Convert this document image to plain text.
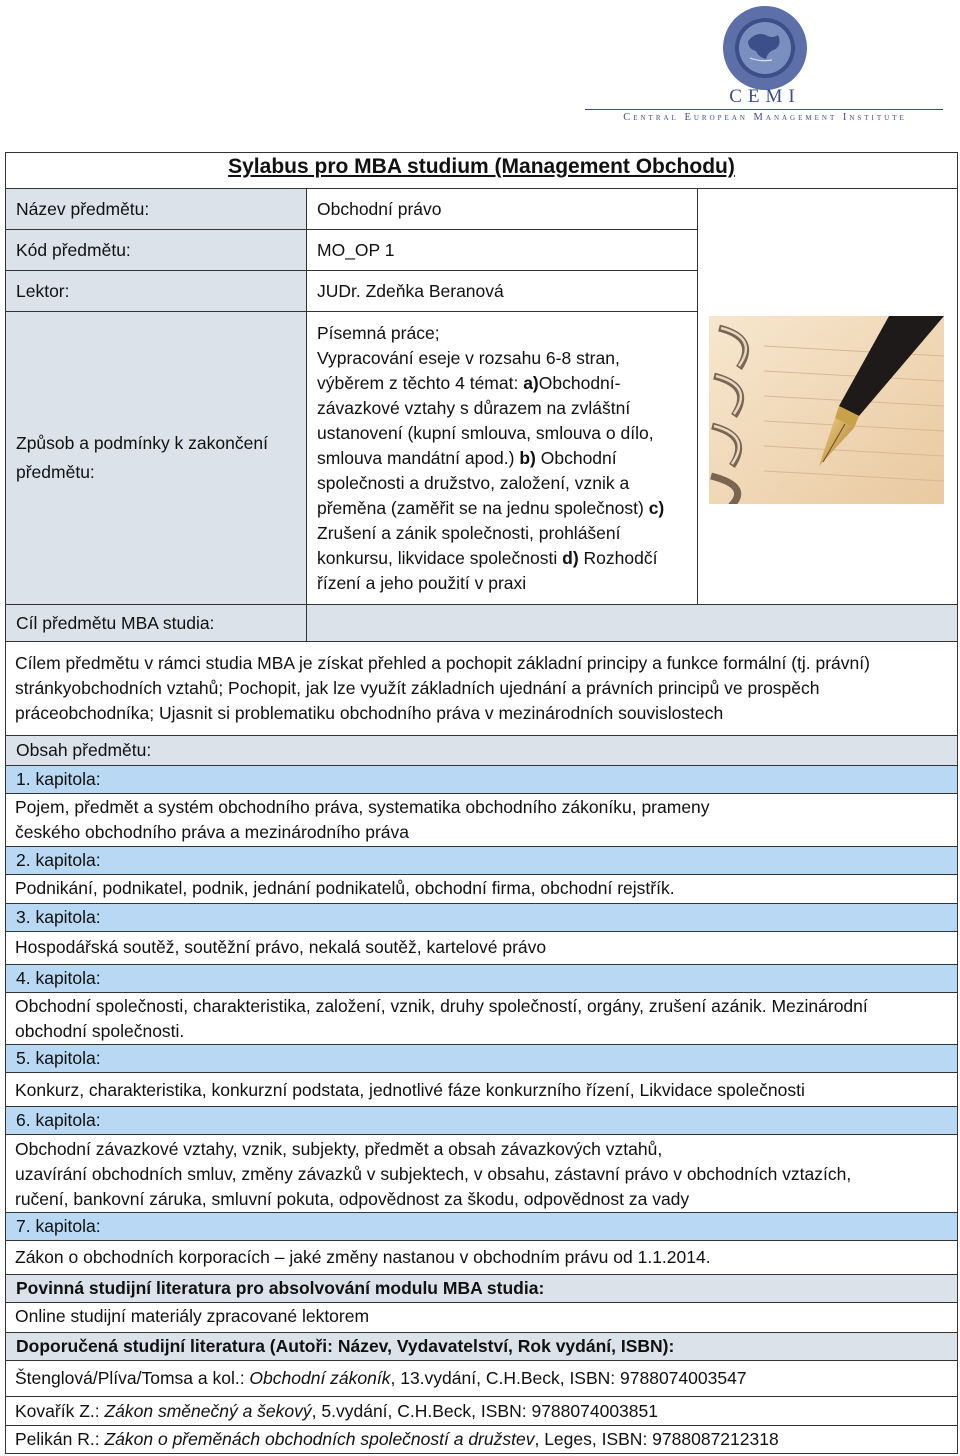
CEMI
Central European Management Institute
Sylabus pro MBA studium (Management Obchodu)
Název předmětu:	Obchodní právo
Kód předmětu:	MO_OP 1
Lektor:	JUDr. Zdeňka Beranová
Způsob a podmínky k zakončení předmětu:
Písemná práce;
Vypracování eseje v rozsahu 6-8 stran,
výběrem z těchto 4 témat: a)Obchodní-
závazkové vztahy s důrazem na zvláštní
ustanovení (kupní smlouva, smlouva o dílo,
smlouva mandátní apod.) b) Obchodní
společnosti a družstvo, založení, vznik a
přeměna (zaměřit se na jednu společnost) c)
Zrušení a zánik společnosti, prohlášení
konkursu, likvidace společnosti d) Rozhodčí
řízení a jeho použití v praxi
Cíl předmětu MBA studia:
Cílem předmětu v rámci studia MBA je získat přehled a pochopit základní principy a funkce formální (tj. právní)
stránkyobchodních vztahů; Pochopit, jak lze využít základních ujednání a právních principů ve prospěch
práceobchodníka; Ujasnit si problematiku obchodního práva v mezinárodních souvislostech
Obsah předmětu:
1. kapitola:
Pojem, předmět a systém obchodního práva, systematika obchodního zákoníku, prameny
českého obchodního práva a mezinárodního práva
2. kapitola:
Podnikání, podnikatel, podnik, jednání podnikatelů, obchodní firma, obchodní rejstřík.
3. kapitola:
Hospodářská soutěž, soutěžní právo, nekalá soutěž, kartelové právo
4. kapitola:
Obchodní společnosti, charakteristika, založení, vznik, druhy společností, orgány, zrušení azánik. Mezinárodní
obchodní společnosti.
5. kapitola:
Konkurz, charakteristika, konkurzní podstata, jednotlivé fáze konkurzního řízení, Likvidace společnosti
6. kapitola:
Obchodní závazkové vztahy, vznik, subjekty, předmět a obsah závazkových vztahů,
uzavírání obchodních smluv, změny závazků v subjektech, v obsahu, zástavní právo v obchodních vztazích,
ručení, bankovní záruka, smluvní pokuta, odpovědnost za škodu, odpovědnost za vady
7. kapitola:
Zákon o obchodních korporacích – jaké změny nastanou v obchodním právu od 1.1.2014.
Povinná studijní literatura pro absolvování modulu MBA studia:
Online studijní materiály zpracované lektorem
Doporučená studijní literatura (Autoři: Název, Vydavatelství, Rok vydání, ISBN):
Štenglová/Plíva/Tomsa a kol.: Obchodní zákoník, 13.vydání, C.H.Beck, ISBN: 9788074003547
Kovařík Z.: Zákon směnečný a šekový, 5.vydání, C.H.Beck, ISBN: 9788074003851
Pelikán R.: Zákon o přeměnách obchodních společností a družstev, Leges, ISBN: 9788087212318
